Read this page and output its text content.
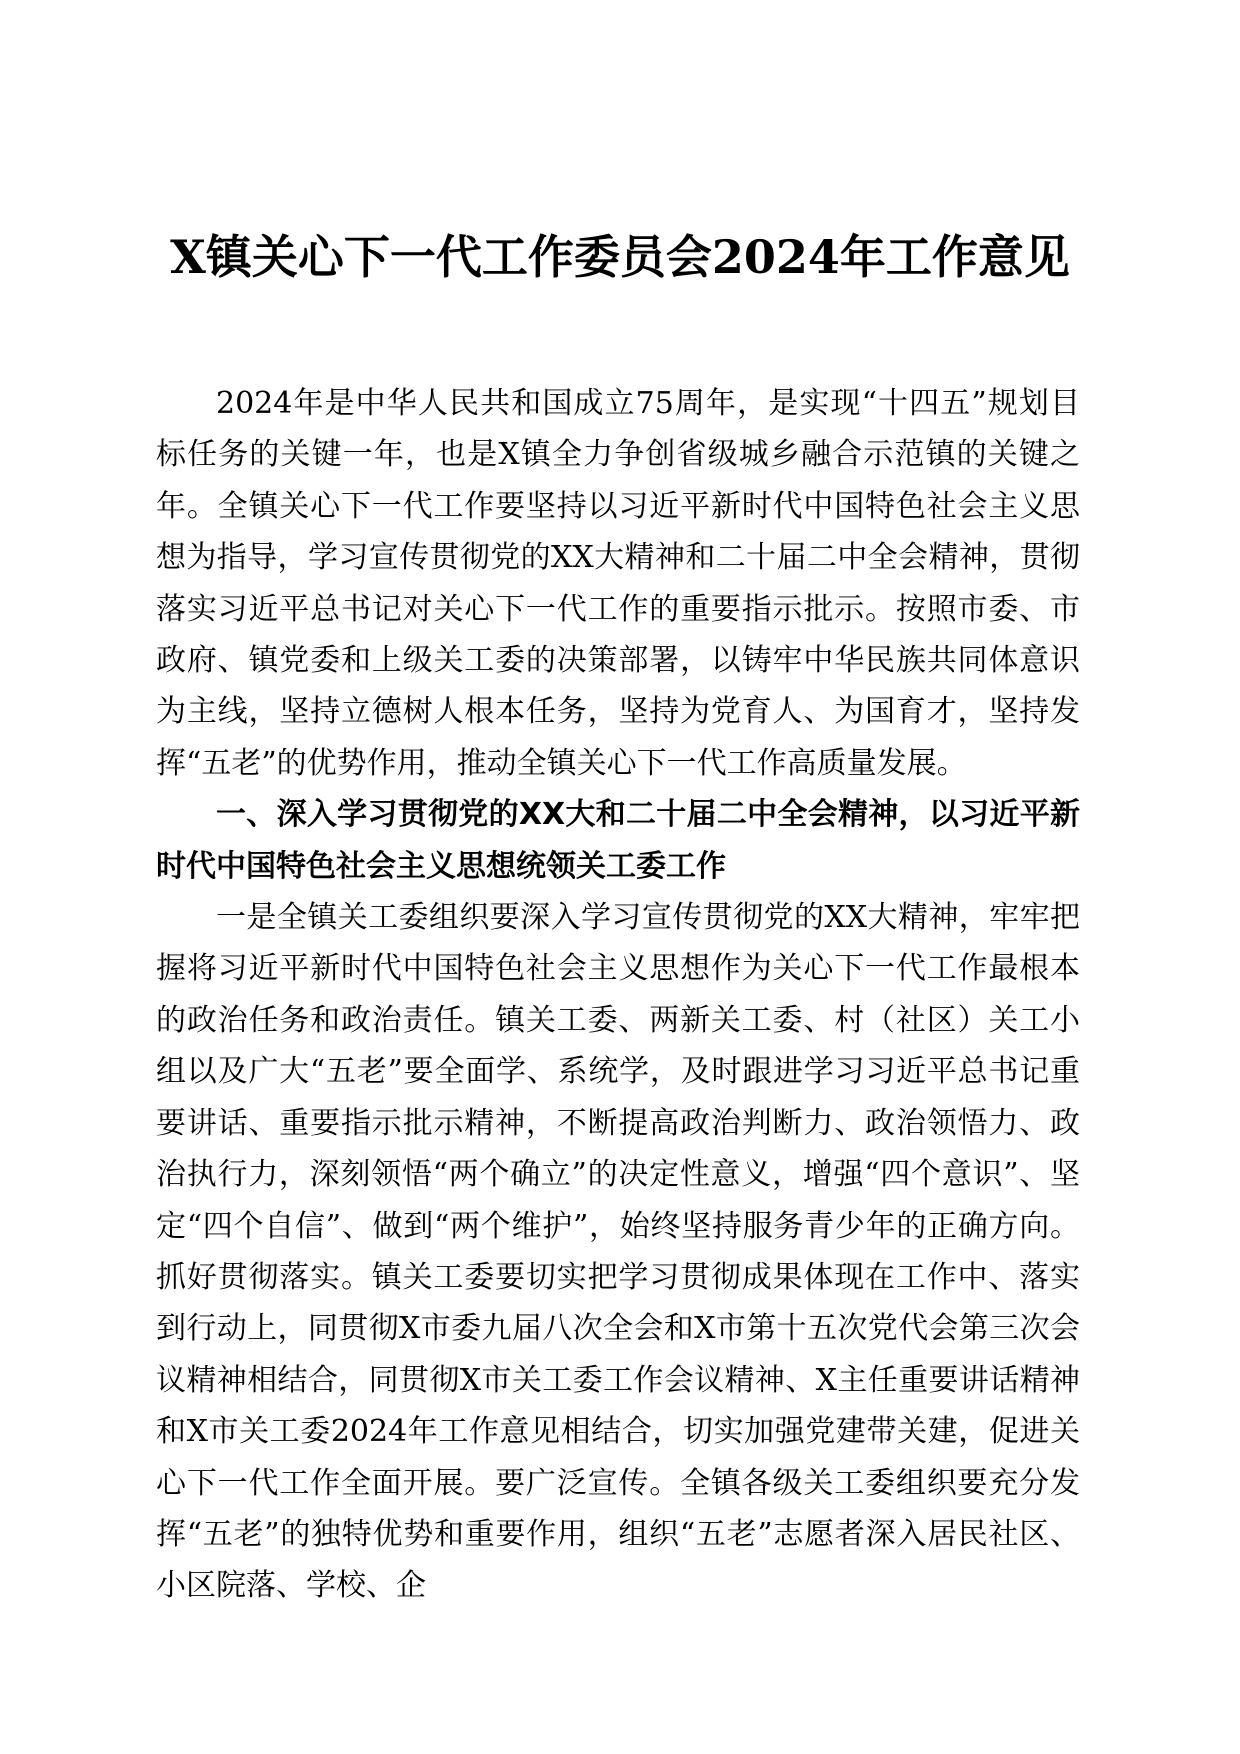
X镇关心下一代工作委员会2024年工作意见

2024年是中华人民共和国成立75周年，是实现“十四五”规划目标任务的关键一年，也是X镇全力争创省级城乡融合示范镇的关键之年。全镇关心下一代工作要坚持以习近平新时代中国特色社会主义思想为指导，学习宣传贯彻党的XX大精神和二十届二中全会精神，贯彻落实习近平总书记对关心下一代工作的重要指示批示。按照市委、市政府、镇党委和上级关工委的决策部署，以铸牢中华民族共同体意识为主线，坚持立德树人根本任务，坚持为党育人、为国育才，坚持发挥“五老”的优势作用，推动全镇关心下一代工作高质量发展。

一、深入学习贯彻党的XX大和二十届二中全会精神，以习近平新时代中国特色社会主义思想统领关工委工作

一是全镇关工委组织要深入学习宣传贯彻党的XX大精神，牢牢把握将习近平新时代中国特色社会主义思想作为关心下一代工作最根本的政治任务和政治责任。镇关工委、两新关工委、村（社区）关工小组以及广大“五老”要全面学、系统学，及时跟进学习习近平总书记重要讲话、重要指示批示精神，不断提高政治判断力、政治领悟力、政治执行力，深刻领悟“两个确立”的决定性意义，增强“四个意识”、坚定“四个自信”、做到“两个维护”，始终坚持服务青少年的正确方向。抓好贯彻落实。镇关工委要切实把学习贯彻成果体现在工作中、落实到行动上，同贯彻X市委九届八次全会和X市第十五次党代会第三次会议精神相结合，同贯彻X市关工委工作会议精神、X主任重要讲话精神和X市关工委2024年工作意见相结合，切实加强党建带关建，促进关心下一代工作全面开展。要广泛宣传。全镇各级关工委组织要充分发挥“五老”的独特优势和重要作用，组织“五老”志愿者深入居民社区、小区院落、学校、企
